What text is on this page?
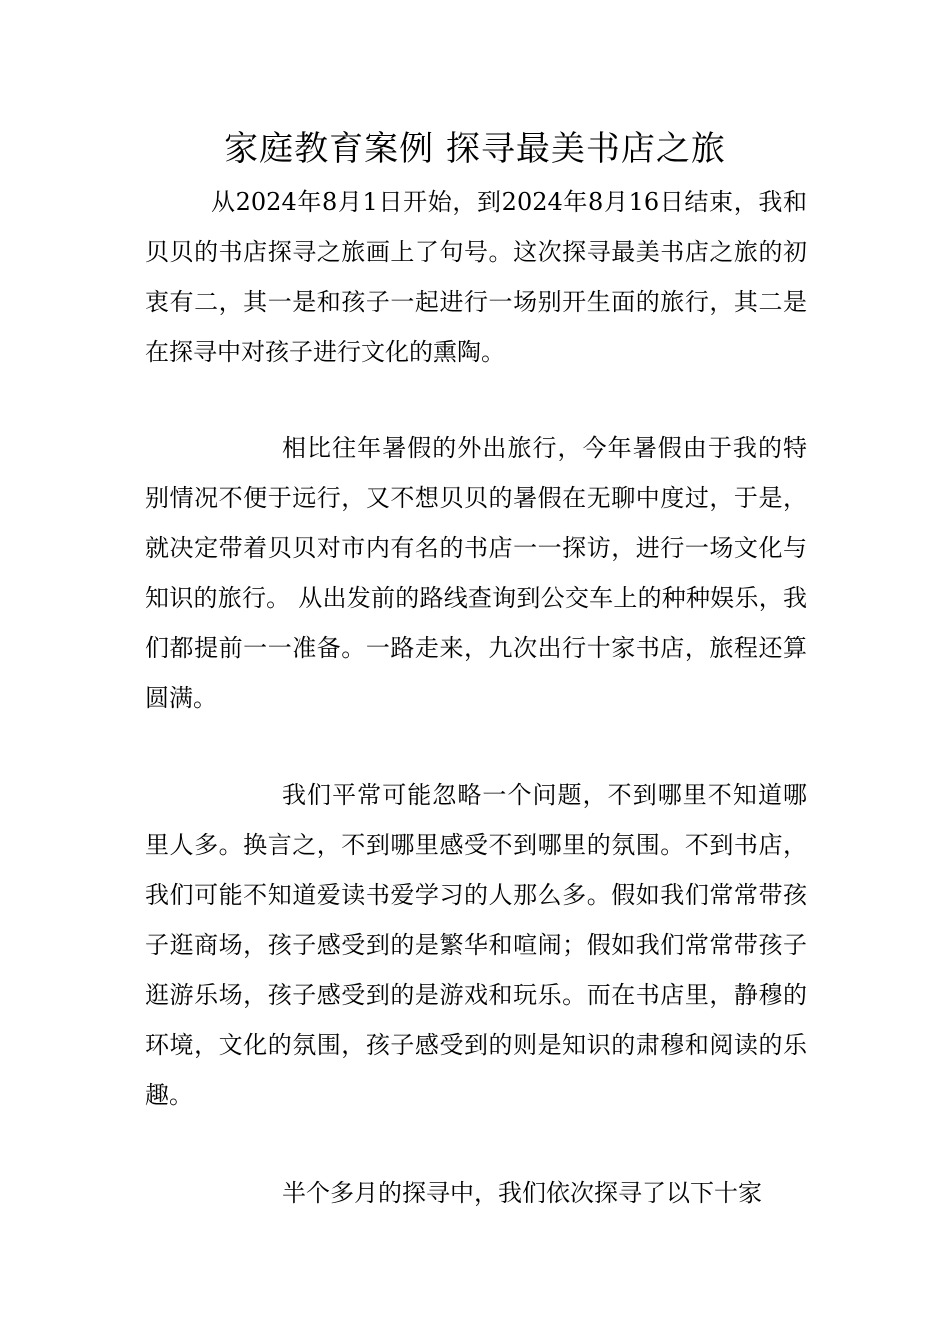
家庭教育案例 探寻最美书店之旅

从2024年8月1日开始，到2024年8月16日结束，我和贝贝的书店探寻之旅画上了句号。这次探寻最美书店之旅的初衷有二，其一是和孩子一起进行一场别开生面的旅行，其二是在探寻中对孩子进行文化的熏陶。

相比往年暑假的外出旅行，今年暑假由于我的特别情况不便于远行，又不想贝贝的暑假在无聊中度过，于是，就决定带着贝贝对市内有名的书店一一探访，进行一场文化与知识的旅行。 从出发前的路线查询到公交车上的种种娱乐，我们都提前一一准备。一路走来，九次出行十家书店，旅程还算圆满。

我们平常可能忽略一个问题，不到哪里不知道哪里人多。换言之，不到哪里感受不到哪里的氛围。不到书店，我们可能不知道爱读书爱学习的人那么多。假如我们常常带孩子逛商场，孩子感受到的是繁华和喧闹；假如我们常常带孩子逛游乐场，孩子感受到的是游戏和玩乐。而在书店里，静穆的环境，文化的氛围，孩子感受到的则是知识的肃穆和阅读的乐趣。

半个多月的探寻中，我们依次探寻了以下十家
